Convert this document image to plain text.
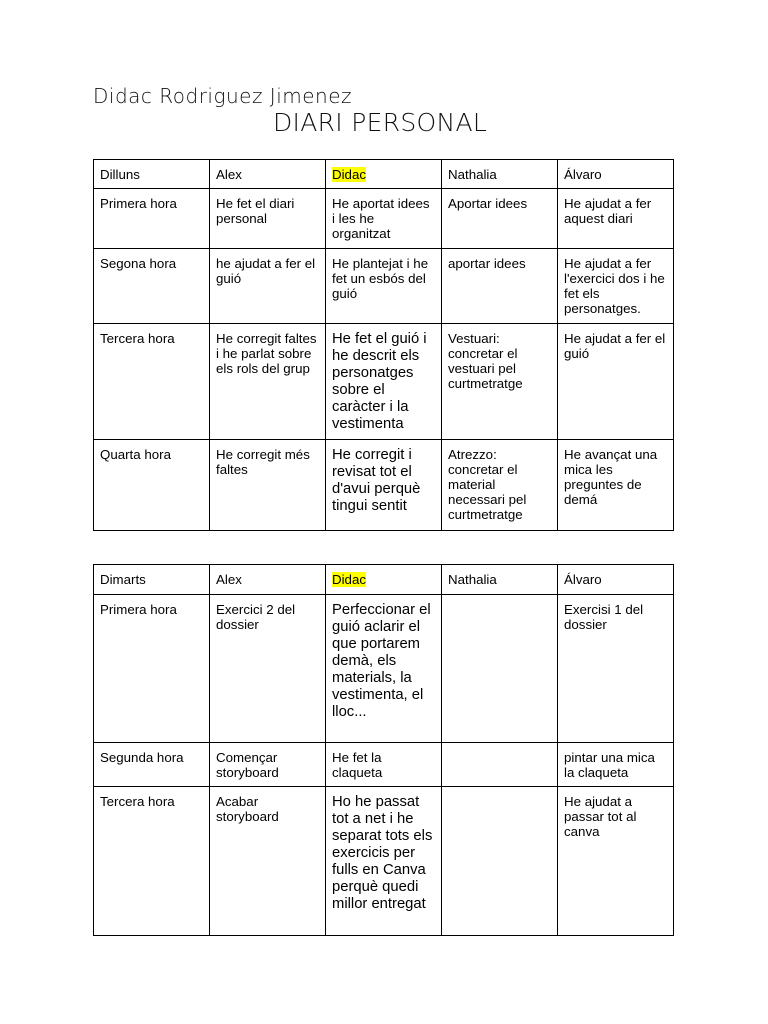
Didac Rodriguez Jimenez
DIARI PERSONAL
Dilluns	Alex	Didac	Nathalia	Álvaro
Primera hora	He fet el diari personal	He aportat idees i les he organitzat	Aportar idees	He ajudat a fer aquest diari
Segona hora	he ajudat a fer el guió	He plantejat i he fet un esbós del guió	aportar idees	He ajudat a fer l'exercici dos i he fet els personatges.
Tercera hora	He corregit faltes i he parlat sobre els rols del grup	He fet el guió i he descrit els personatges sobre el caràcter i la vestimenta	Vestuari: concretar el vestuari pel curtmetratge	He ajudat a fer el guió
Quarta hora	He corregit més faltes	He corregit i revisat tot el d'avui perquè tingui sentit	Atrezzo: concretar el material necessari pel curtmetratge	He avançat una mica les preguntes de demá
Dimarts	Alex	Didac	Nathalia	Álvaro
Primera hora	Exercici 2 del dossier	Perfeccionar el guió aclarir el que portarem demà, els materials, la vestimenta, el lloc...		Exercisi 1 del dossier
Segunda hora	Començar storyboard	He fet la claqueta		pintar una mica la claqueta
Tercera hora	Acabar storyboard	Ho he passat tot a net i he separat tots els exercicis per fulls en Canva perquè quedi millor entregat		He ajudat a passar tot al canva
